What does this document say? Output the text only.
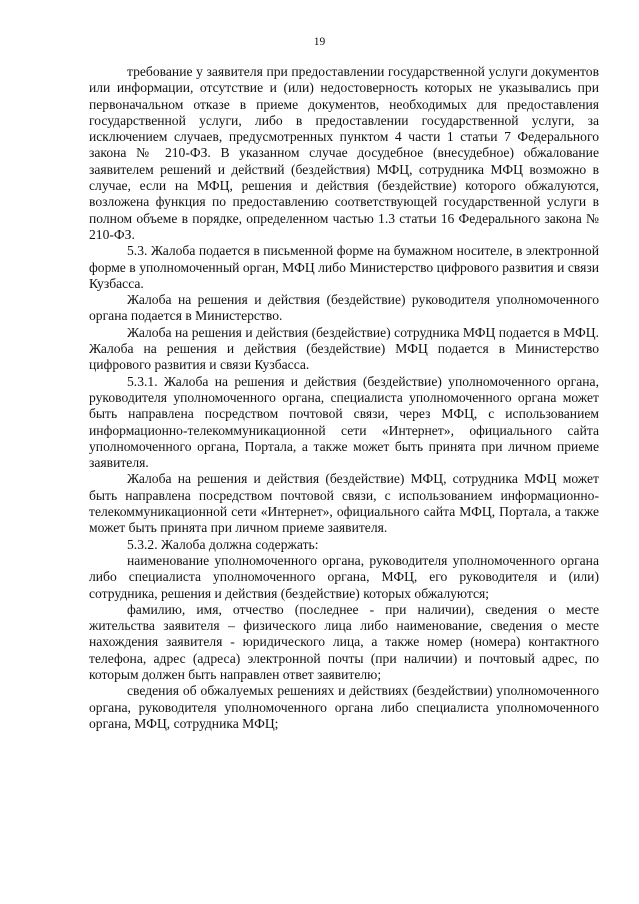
19

требование у заявителя при предоставлении государственной услуги документов или информации, отсутствие и (или) недостоверность которых не указывались при первоначальном отказе в приеме документов, необходимых для предоставления государственной услуги, либо в предоставлении государственной услуги, за исключением случаев, предусмотренных пунктом 4 части 1 статьи 7 Федерального закона № 210-ФЗ. В указанном случае досудебное (внесудебное) обжалование заявителем решений и действий (бездействия) МФЦ, сотрудника МФЦ возможно в случае, если на МФЦ, решения и действия (бездействие) которого обжалуются, возложена функция по предоставлению соответствующей государственной услуги в полном объеме в порядке, определенном частью 1.3 статьи 16 Федерального закона № 210-ФЗ.

5.3. Жалоба подается в письменной форме на бумажном носителе, в электронной форме в уполномоченный орган, МФЦ либо Министерство цифрового развития и связи Кузбасса.

Жалоба на решения и действия (бездействие) руководителя уполномоченного органа подается в Министерство.

Жалоба на решения и действия (бездействие) сотрудника МФЦ подается в МФЦ. Жалоба на решения и действия (бездействие) МФЦ подается в Министерство цифрового развития и связи Кузбасса.

5.3.1. Жалоба на решения и действия (бездействие) уполномоченного органа, руководителя уполномоченного органа, специалиста уполномоченного органа может быть направлена посредством почтовой связи, через МФЦ, с использованием информационно-телекоммуникационной сети «Интернет», официального сайта уполномоченного органа, Портала, а также может быть принята при личном приеме заявителя.

Жалоба на решения и действия (бездействие) МФЦ, сотрудника МФЦ может быть направлена посредством почтовой связи, с использованием информационно-телекоммуникационной сети «Интернет», официального сайта МФЦ, Портала, а также может быть принята при личном приеме заявителя.

5.3.2. Жалоба должна содержать:

наименование уполномоченного органа, руководителя уполномоченного органа либо специалиста уполномоченного органа, МФЦ, его руководителя и (или) сотрудника, решения и действия (бездействие) которых обжалуются;

фамилию, имя, отчество (последнее - при наличии), сведения о месте жительства заявителя – физического лица либо наименование, сведения о месте нахождения заявителя - юридического лица, а также номер (номера) контактного телефона, адрес (адреса) электронной почты (при наличии) и почтовый адрес, по которым должен быть направлен ответ заявителю;

сведения об обжалуемых решениях и действиях (бездействии) уполномоченного органа, руководителя уполномоченного органа либо специалиста уполномоченного органа, МФЦ, сотрудника МФЦ;
